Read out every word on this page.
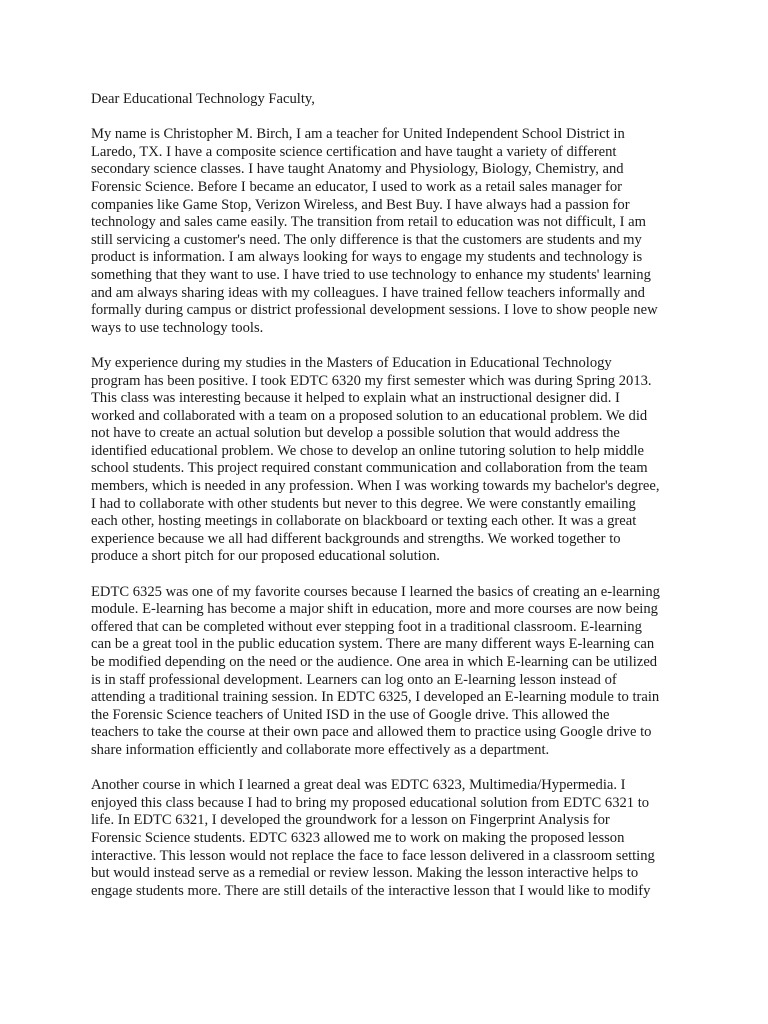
Dear Educational Technology Faculty,

My name is Christopher M. Birch, I am a teacher for United Independent School District in
Laredo, TX. I have a composite science certification and have taught a variety of different
secondary science classes. I have taught Anatomy and Physiology, Biology, Chemistry, and
Forensic Science. Before I became an educator, I used to work as a retail sales manager for
companies like Game Stop, Verizon Wireless, and Best Buy. I have always had a passion for
technology and sales came easily. The transition from retail to education was not difficult, I am
still servicing a customer's need. The only difference is that the customers are students and my
product is information. I am always looking for ways to engage my students and technology is
something that they want to use. I have tried to use technology to enhance my students' learning
and am always sharing ideas with my colleagues. I have trained fellow teachers informally and
formally during campus or district professional development sessions. I love to show people new
ways to use technology tools.

My experience during my studies in the Masters of Education in Educational Technology
program has been positive. I took EDTC 6320 my first semester which was during Spring 2013.
This class was interesting because it helped to explain what an instructional designer did. I
worked and collaborated with a team on a proposed solution to an educational problem. We did
not have to create an actual solution but develop a possible solution that would address the
identified educational problem. We chose to develop an online tutoring solution to help middle
school students. This project required constant communication and collaboration from the team
members, which is needed in any profession. When I was working towards my bachelor's degree,
I had to collaborate with other students but never to this degree. We were constantly emailing
each other, hosting meetings in collaborate on blackboard or texting each other. It was a great
experience because we all had different backgrounds and strengths. We worked together to
produce a short pitch for our proposed educational solution.

EDTC 6325 was one of my favorite courses because I learned the basics of creating an e-learning
module. E-learning has become a major shift in education, more and more courses are now being
offered that can be completed without ever stepping foot in a traditional classroom. E-learning
can be a great tool in the public education system. There are many different ways E-learning can
be modified depending on the need or the audience. One area in which E-learning can be utilized
is in staff professional development. Learners can log onto an E-learning lesson instead of
attending a traditional training session. In EDTC 6325, I developed an E-learning module to train
the Forensic Science teachers of United ISD in the use of Google drive. This allowed the
teachers to take the course at their own pace and allowed them to practice using Google drive to
share information efficiently and collaborate more effectively as a department.

Another course in which I learned a great deal was EDTC 6323, Multimedia/Hypermedia. I
enjoyed this class because I had to bring my proposed educational solution from EDTC 6321 to
life. In EDTC 6321, I developed the groundwork for a lesson on Fingerprint Analysis for
Forensic Science students. EDTC 6323 allowed me to work on making the proposed lesson
interactive. This lesson would not replace the face to face lesson delivered in a classroom setting
but would instead serve as a remedial or review lesson. Making the lesson interactive helps to
engage students more. There are still details of the interactive lesson that I would like to modify
